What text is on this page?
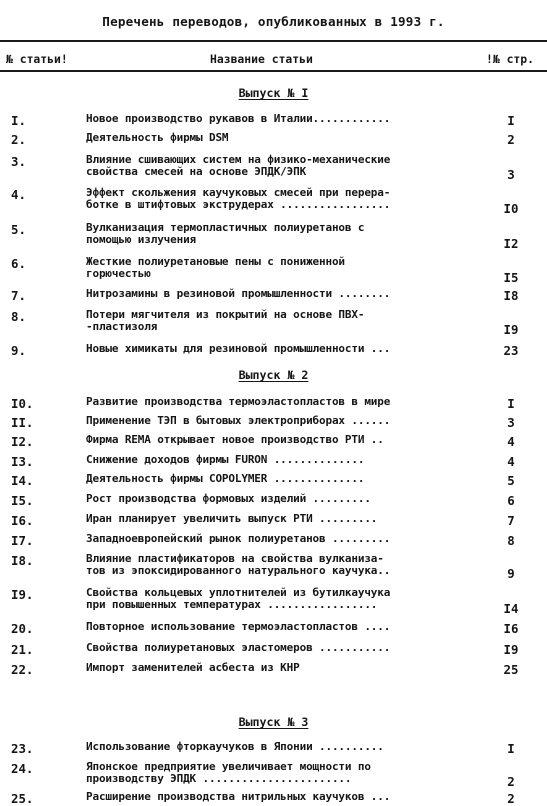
Перечень переводов, опубликованных в 1993 г.
№ статьи!	Название статьи	!№ стр.
Выпуск № I
Выпуск № 2
Выпуск № 3
I.	Новое производство рукавов в Италии............	I
2.	Деятельность фирмы DSM	2
3.	Влияние сшивающих систем на физико-механические
свойства смесей на основе ЭПДК/ЭПК	3
4.	Эффект скольжения каучуковых смесей при перера-
ботке в штифтовых экструдерах .................	I0
5.	Вулканизация термопластичных полиуретанов с
помощью излучения	I2
6.	Жесткие полиуретановые пены с пониженной
горючестью	I5
7.	Нитрозамины в резиновой промышленности ........	I8
8.	Потери мягчителя из покрытий на основе ПВХ-
-пластизоля	I9
9.	Новые химикаты для резиновой промышленности ...	23
I0.	Развитие производства термоэластопластов в мире	I
II.	Применение ТЭП в бытовых электроприборах ......	3
I2.	Фирма REMA открывает новое производство РТИ ..	4
I3.	Снижение доходов фирмы FURON ..............	4
I4.	Деятельность фирмы COPOLYMER ..............	5
I5.	Рост производства формовых изделий .........	6
I6.	Иран планирует увеличить выпуск РТИ .........	7
I7.	Западноевропейский рынок полиуретанов .........	8
I8.	Влияние пластификаторов на свойства вулканиза-
тов из эпоксидированного натурального каучука..	9
I9.	Свойства кольцевых уплотнителей из бутилкаучука
при повышенных температурах .................	I4
20.	Повторное использование термоэластопластов ....	I6
21.	Свойства полиуретановых эластомеров ...........	I9
22.	Импорт заменителей асбеста из КНР	25
23.	Использование фторкаучуков в Японии ..........	I
24.	Японское предприятие увеличивает мощности по
производству ЭПДК .......................	2
25.	Расширение производства нитрильных каучуков ...	2
